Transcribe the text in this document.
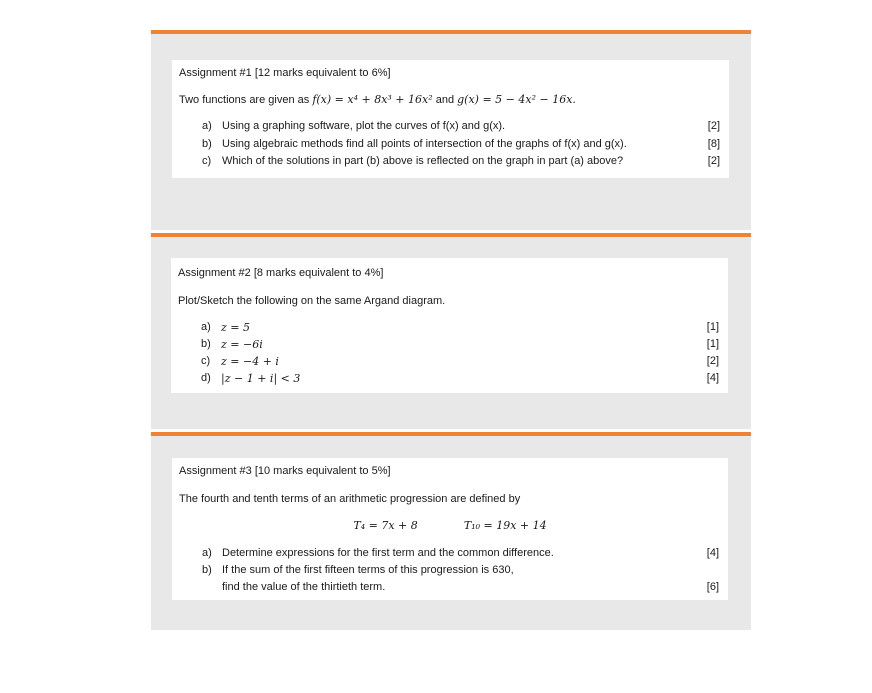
Assignment #1 [12 marks equivalent to 6%]
Two functions are given as f(x) = x⁴ + 8x³ + 16x² and g(x) = 5 − 4x² − 16x.
a) Using a graphing software, plot the curves of f(x) and g(x).	[2]
b) Using algebraic methods find all points of intersection of the graphs of f(x) and g(x).	[8]
c) Which of the solutions in part (b) above is reflected on the graph in part (a) above?	[2]
Assignment #2 [8 marks equivalent to 4%]
Plot/Sketch the following on the same Argand diagram.
a) z = 5	[1]
b) z = −6i	[1]
c) z = −4 + i	[2]
d) |z − 1 + i| < 3	[4]
Assignment #3 [10 marks equivalent to 5%]
The fourth and tenth terms of an arithmetic progression are defined by
T₄ = 7x + 8	T₁₀ = 19x + 14
a) Determine expressions for the first term and the common difference.	[4]
b) If the sum of the first fifteen terms of this progression is 630,
find the value of the thirtieth term.	[6]
